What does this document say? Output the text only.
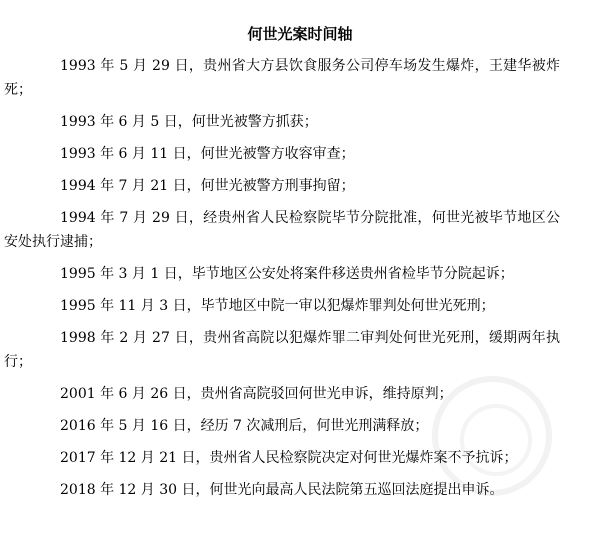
何世光案时间轴

1993 年 5 月 29 日，贵州省大方县饮食服务公司停车场发生爆炸，王建华被炸死；

1993 年 6 月 5 日，何世光被警方抓获；

1993 年 6 月 11 日，何世光被警方收容审查；

1994 年 7 月 21 日，何世光被警方刑事拘留；

1994 年 7 月 29 日，经贵州省人民检察院毕节分院批准，何世光被毕节地区公安处执行逮捕；

1995 年 3 月 1 日，毕节地区公安处将案件移送贵州省检毕节分院起诉；

1995 年 11 月 3 日，毕节地区中院一审以犯爆炸罪判处何世光死刑；

1998 年 2 月 27 日，贵州省高院以犯爆炸罪二审判处何世光死刑，缓期两年执行；

2001 年 6 月 26 日，贵州省高院驳回何世光申诉，维持原判；

2016 年 5 月 16 日，经历 7 次减刑后，何世光刑满释放；

2017 年 12 月 21 日，贵州省人民检察院决定对何世光爆炸案不予抗诉；

2018 年 12 月 30 日，何世光向最高人民法院第五巡回法庭提出申诉。
